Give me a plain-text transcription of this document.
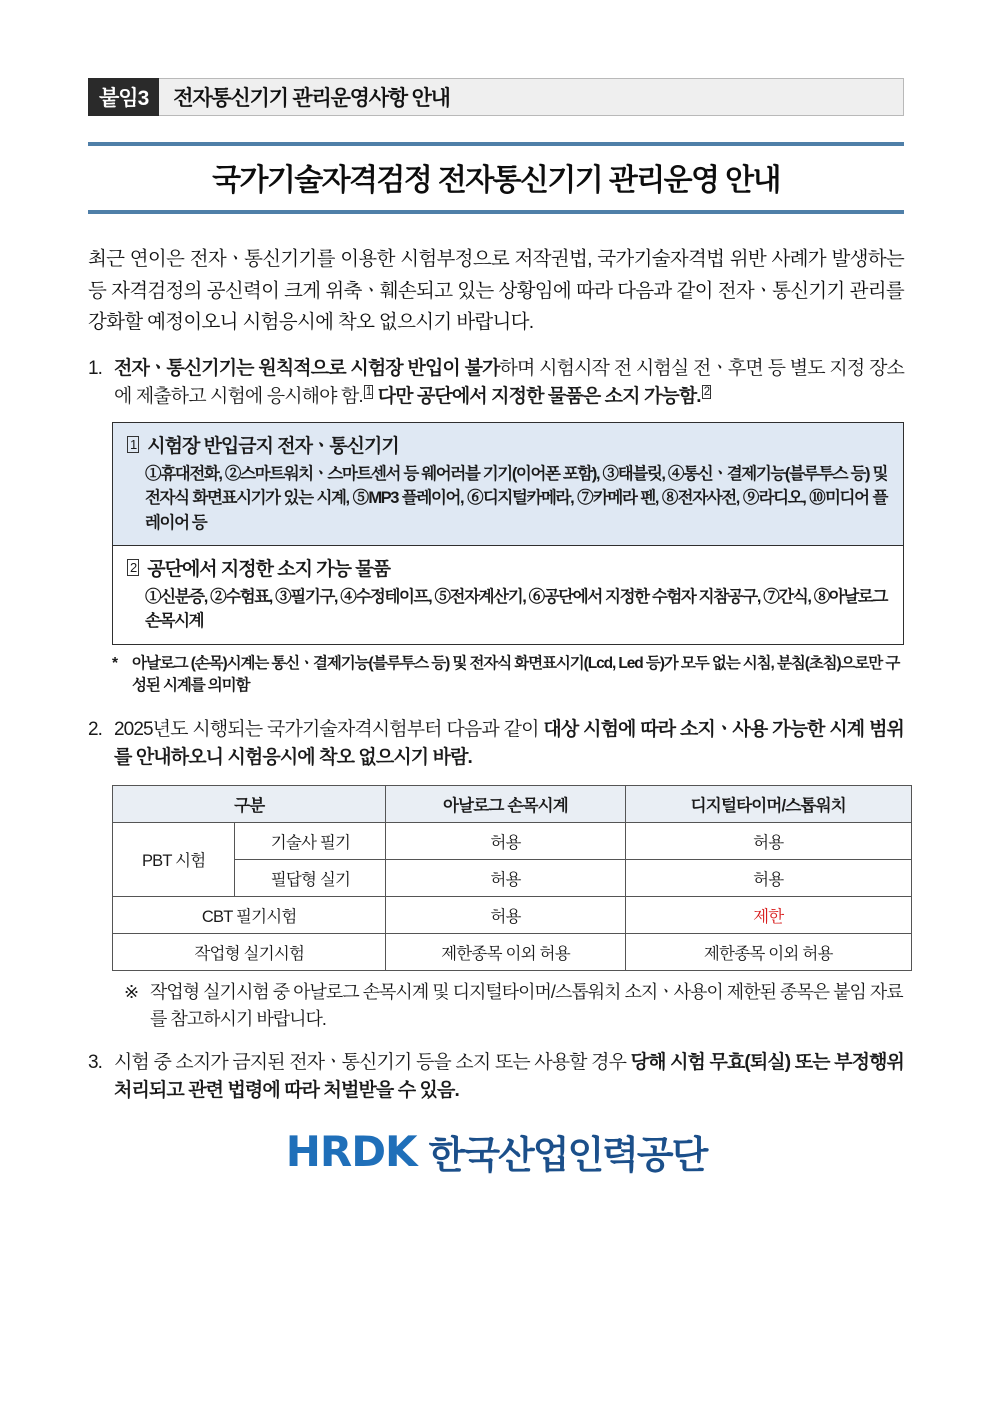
붙임3	전자통신기기 관리운영사항 안내
국가기술자격검정 전자통신기기 관리운영 안내

최근 연이은 전자ㆍ통신기기를 이용한 시험부정으로 저작권법, 국가기술자격법 위반 사례가 발생하는 등 자격검정의 공신력이 크게 위축ㆍ훼손되고 있는 상황임에 따라 다음과 같이 전자ㆍ통신기기 관리를 강화할 예정이오니 시험응시에 착오 없으시기 바랍니다.

1. 전자ㆍ통신기기는 원칙적으로 시험장 반입이 불가하며 시험시작 전 시험실 전ㆍ후면 등 별도 지정 장소에 제출하고 시험에 응시해야 함. $^1$ 다만 공단에서 지정한 물품은 소지 가능함. $^2$
1 시험장 반입금지 전자ㆍ통신기기
①휴대전화, ②스마트워치ㆍ스마트센서 등 웨어러블 기기(이어폰 포함), ③태블릿, ④통신ㆍ결제기능(블루투스 등) 및 전자식 화면표시기가 있는 시계, ⑤MP3 플레이어, ⑥디지털카메라, ⑦카메라 펜, ⑧전자사전, ⑨라디오, ⑩미디어 플레이어 등
2 공단에서 지정한 소지 가능 물품
①신분증, ②수험표, ③필기구, ④수정테이프, ⑤전자계산기, ⑥공단에서 지정한 수험자 지참공구, ⑦간식, ⑧아날로그 손목시계
* 아날로그 (손목)시계는 통신ㆍ결제기능(블루투스 등) 및 전자식 화면표시기(Lcd, Led 등)가 모두 없는 시침, 분침(초침)으로만 구성된 시계를 의미함
2. 2025년도 시행되는 국가기술자격시험부터 다음과 같이 대상 시험에 따라 소지ㆍ사용 가능한 시계 범위를 안내하오니 시험응시에 착오 없으시기 바람.
구분		아날로그 손목시계	디지털타이머/스톱워치
PBT 시험	기술사 필기	허용	허용
	필답형 실기	허용	허용
CBT 필기시험		허용	제한
작업형 실기시험		제한종목 이외 허용	제한종목 이외 허용
※ 작업형 실기시험 중 아날로그 손목시계 및 디지털타이머/스톱워치 소지ㆍ사용이 제한된 종목은 붙임 자료를 참고하시기 바랍니다.
3. 시험 중 소지가 금지된 전자ㆍ통신기기 등을 소지 또는 사용할 경우 당해 시험 무효(퇴실) 또는 부정행위 처리되고 관련 법령에 따라 처벌받을 수 있음.
HRDK 한국산업인력공단
